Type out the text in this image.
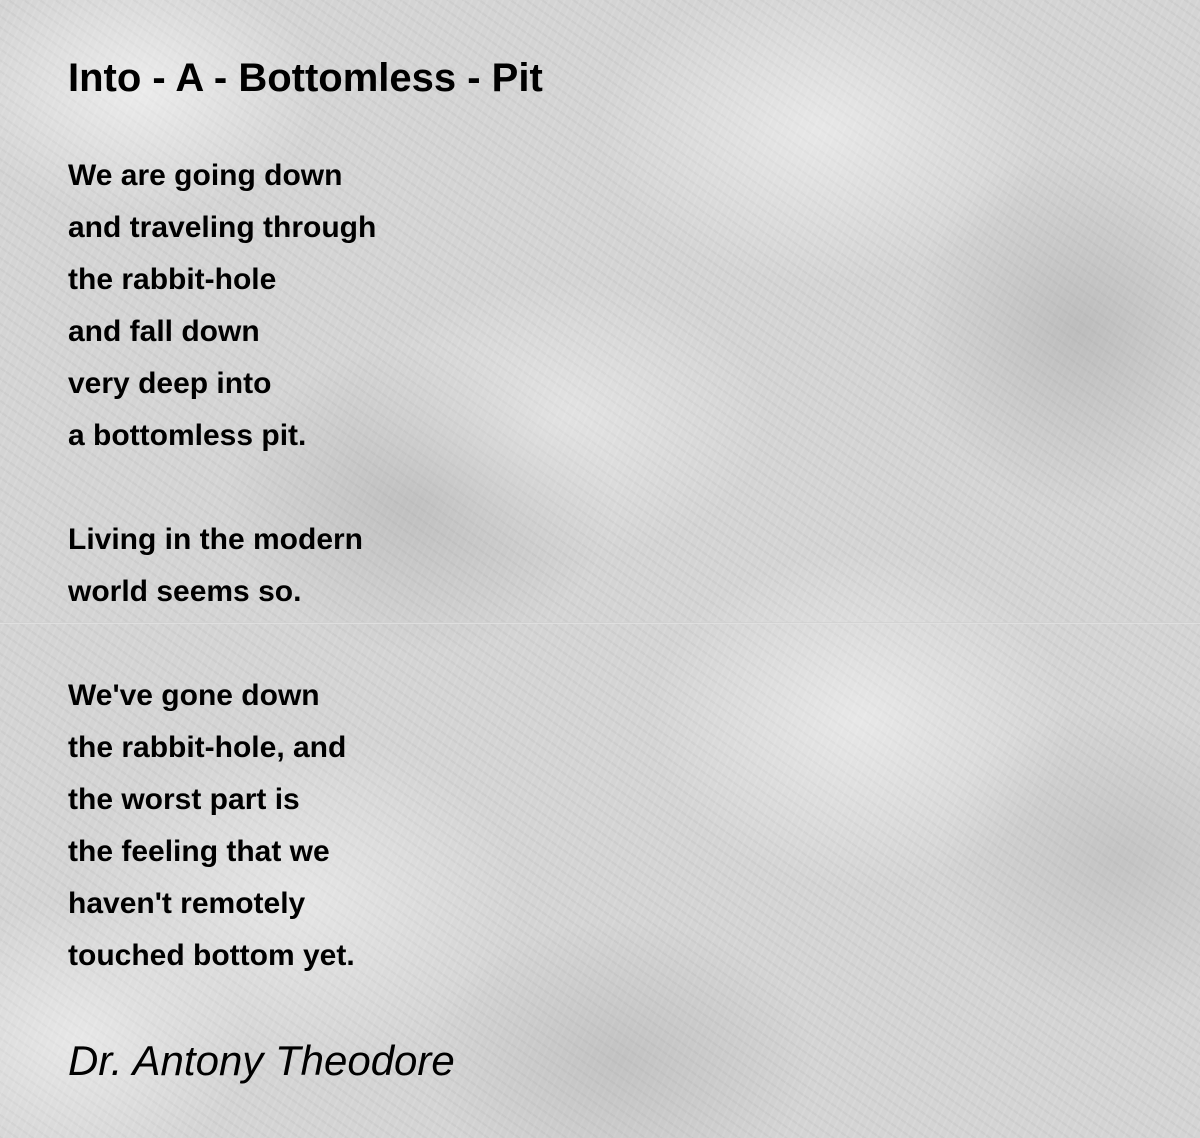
Into - A - Bottomless - Pit
We are going down
and traveling through
the rabbit-hole
and fall down
very deep into
a bottomless pit.
Living in the modern
world seems so.
We've gone down
the rabbit-hole, and
the worst part is
the feeling that we
haven't remotely
touched bottom yet.
Dr. Antony Theodore
